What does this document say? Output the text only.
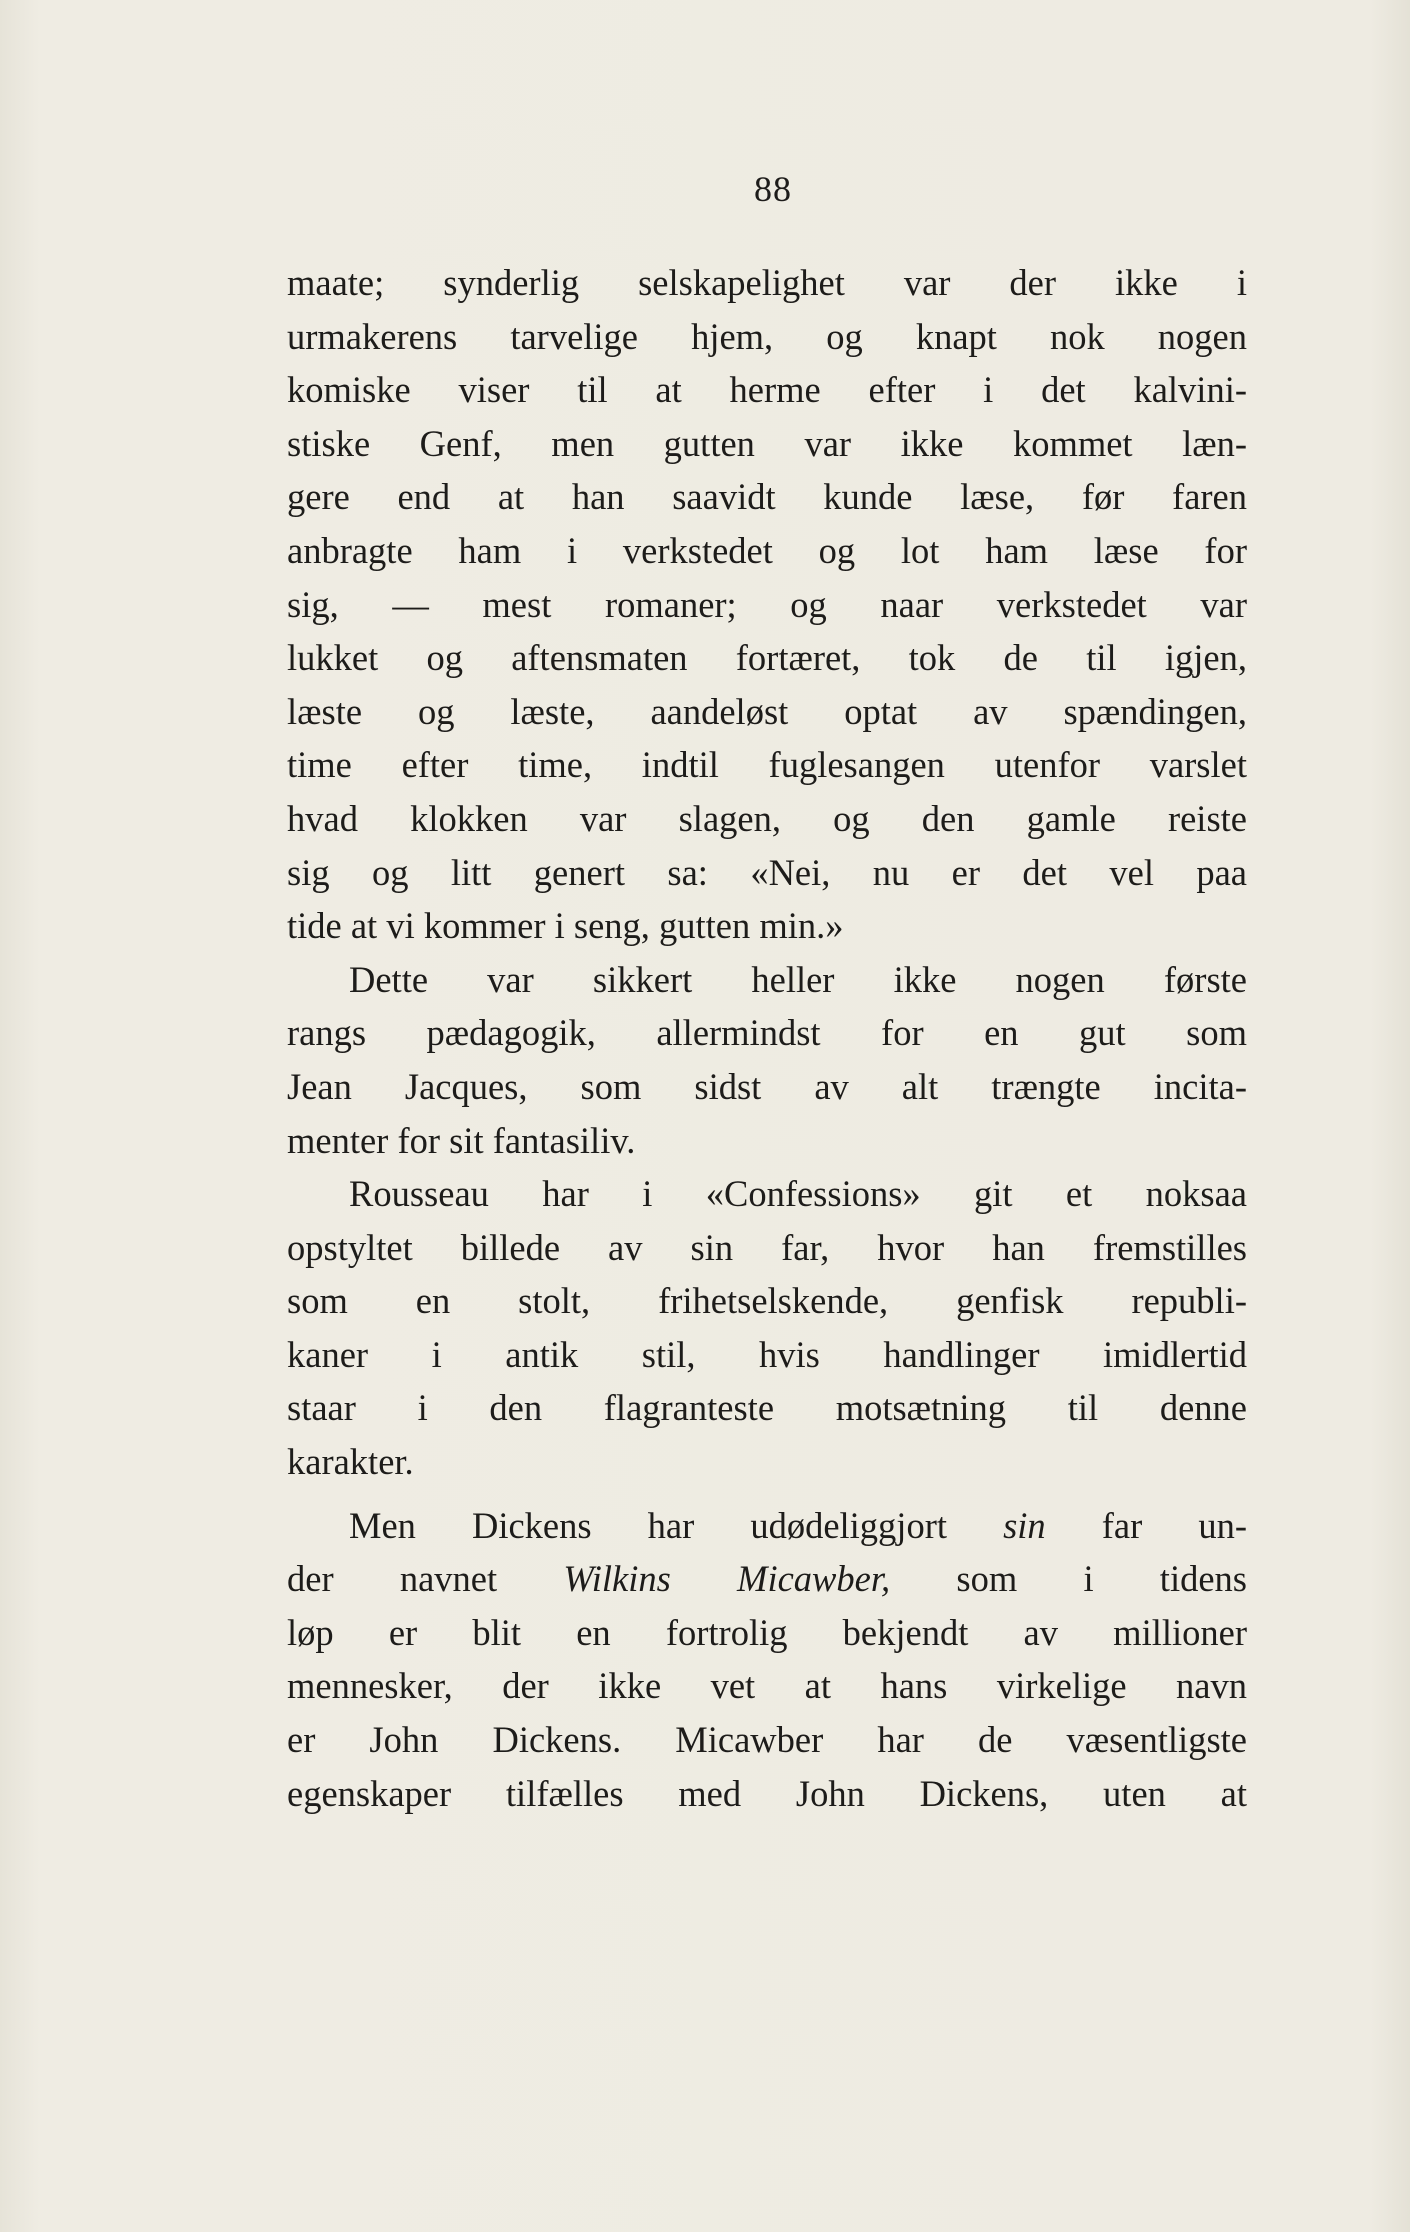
88
maate; synderlig selskapelighet var der ikke i
urmakerens tarvelige hjem, og knapt nok nogen
komiske viser til at herme efter i det kalvini-
stiske Genf, men gutten var ikke kommet læn-
gere end at han saavidt kunde læse, før faren
anbragte ham i verkstedet og lot ham læse for
sig, — mest romaner; og naar verkstedet var
lukket og aftensmaten fortæret, tok de til igjen,
læste og læste, aandeløst optat av spændingen,
time efter time, indtil fuglesangen utenfor varslet
hvad klokken var slagen, og den gamle reiste
sig og litt genert sa: «Nei, nu er det vel paa
tide at vi kommer i seng, gutten min.»
Dette var sikkert heller ikke nogen første
rangs pædagogik, allermindst for en gut som
Jean Jacques, som sidst av alt trængte incita-
menter for sit fantasiliv.
Rousseau har i «Confessions» git et noksaa
opstyltet billede av sin far, hvor han fremstilles
som en stolt, frihetselskende, genfisk republi-
kaner i antik stil, hvis handlinger imidlertid
staar i den flagranteste motsætning til denne
karakter.
Men Dickens har udødeliggjort sin far un-
der navnet Wilkins Micawber, som i tidens
løp er blit en fortrolig bekjendt av millioner
mennesker, der ikke vet at hans virkelige navn
er John Dickens. Micawber har de væsentligste
egenskaper tilfælles med John Dickens, uten at
